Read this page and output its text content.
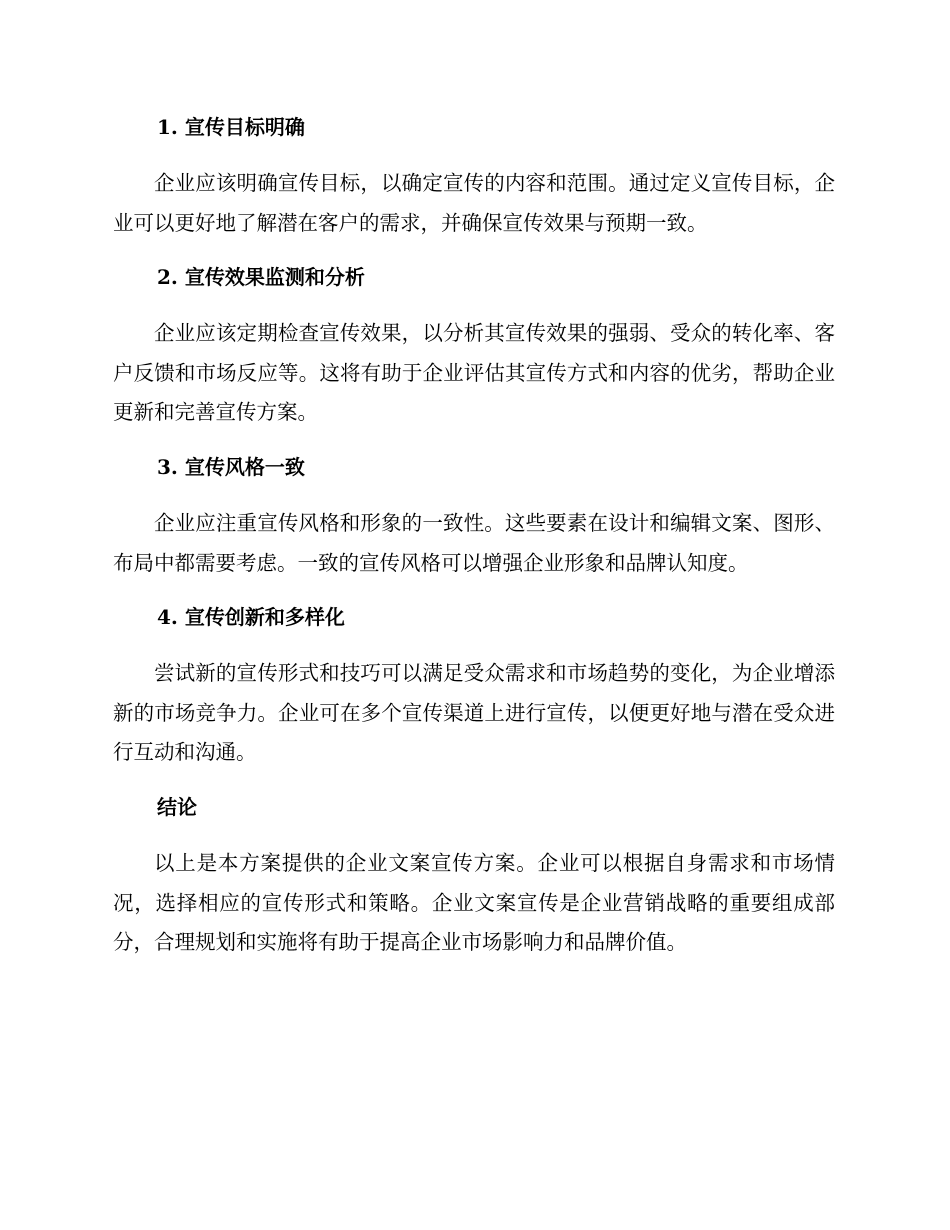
1. 宣传目标明确

企业应该明确宣传目标，以确定宣传的内容和范围。通过定义宣传目标，企业可以更好地了解潜在客户的需求，并确保宣传效果与预期一致。

2. 宣传效果监测和分析

企业应该定期检查宣传效果，以分析其宣传效果的强弱、受众的转化率、客户反馈和市场反应等。这将有助于企业评估其宣传方式和内容的优劣，帮助企业更新和完善宣传方案。

3. 宣传风格一致

企业应注重宣传风格和形象的一致性。这些要素在设计和编辑文案、图形、布局中都需要考虑。一致的宣传风格可以增强企业形象和品牌认知度。

4. 宣传创新和多样化

尝试新的宣传形式和技巧可以满足受众需求和市场趋势的变化，为企业增添新的市场竞争力。企业可在多个宣传渠道上进行宣传，以便更好地与潜在受众进行互动和沟通。

结论

以上是本方案提供的企业文案宣传方案。企业可以根据自身需求和市场情况，选择相应的宣传形式和策略。企业文案宣传是企业营销战略的重要组成部分，合理规划和实施将有助于提高企业市场影响力和品牌价值。
